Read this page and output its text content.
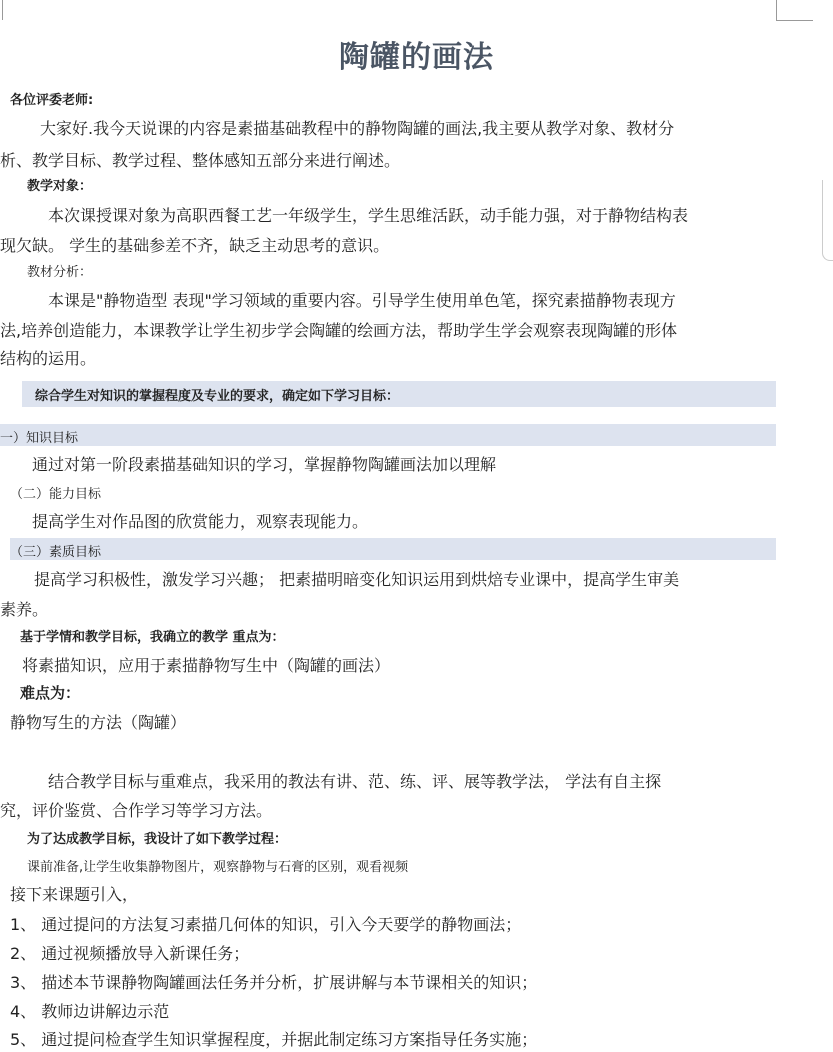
陶罐的画法
各位评委老师:
大家好.我今天说课的内容是素描基础教程中的静物陶罐的画法,我主要从教学对象、教材分
析、教学目标、教学过程、整体感知五部分来进行阐述。
教学对象：
本次课授课对象为高职西餐工艺一年级学生，学生思维活跃，动手能力强，对于静物结构表
现欠缺。 学生的基础参差不齐，缺乏主动思考的意识。
教材分析：
本课是"静物造型 表现"学习领域的重要内容。引导学生使用单色笔，探究素描静物表现方
法,培养创造能力，本课教学让学生初步学会陶罐的绘画方法，帮助学生学会观察表现陶罐的形体
结构的运用。
综合学生对知识的掌握程度及专业的要求，确定如下学习目标：
一）知识目标
通过对第一阶段素描基础知识的学习，掌握静物陶罐画法加以理解
（二）能力目标
提高学生对作品图的欣赏能力，观察表现能力。
（三）素质目标
提高学习积极性，激发学习兴趣； 把素描明暗变化知识运用到烘焙专业课中，提高学生审美
素养。
基于学情和教学目标，我确立的教学 重点为：
将素描知识，应用于素描静物写生中（陶罐的画法）
难点为：
静物写生的方法（陶罐）
结合教学目标与重难点，我采用的教法有讲、范、练、评、展等教学法， 学法有自主探
究，评价鉴赏、合作学习等学习方法。
为了达成教学目标，我设计了如下教学过程：
课前准备,让学生收集静物图片，观察静物与石膏的区别，观看视频
接下来课题引入，
1、 通过提问的方法复习素描几何体的知识，引入今天要学的静物画法；
2、 通过视频播放导入新课任务；
3、 描述本节课静物陶罐画法任务并分析，扩展讲解与本节课相关的知识；
4、 教师边讲解边示范
5、 通过提问检查学生知识掌握程度，并据此制定练习方案指导任务实施；
